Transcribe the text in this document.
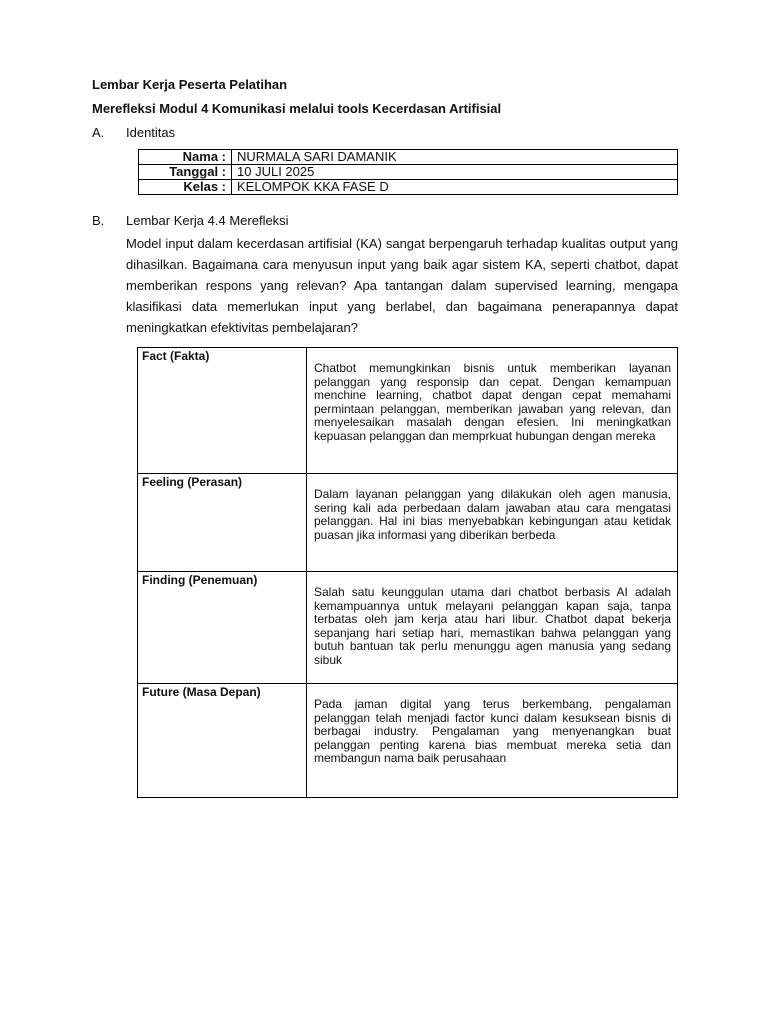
Lembar Kerja Peserta Pelatihan
Merefleksi Modul 4 Komunikasi melalui tools Kecerdasan Artifisial
A. Identitas
Nama :	NURMALA SARI DAMANIK
Tanggal :	10 JULI 2025
Kelas :	KELOMPOK KKA FASE D
B. Lembar Kerja 4.4 Merefleksi

Model input dalam kecerdasan artifisial (KA) sangat berpengaruh terhadap kualitas output yang dihasilkan. Bagaimana cara menyusun input yang baik agar sistem KA, seperti chatbot, dapat memberikan respons yang relevan? Apa tantangan dalam supervised learning, mengapa klasifikasi data memerlukan input yang berlabel, dan bagaimana penerapannya dapat meningkatkan efektivitas pembelajaran?

Fact (Fakta)	Chatbot memungkinkan bisnis untuk memberikan layanan pelanggan yang responsip dan cepat. Dengan kemampuan menchine learning, chatbot dapat dengan cepat memahami permintaan pelanggan, memberikan jawaban yang relevan, dan menyelesaikan masalah dengan efesien. Ini meningkatkan kepuasan pelanggan dan memprkuat hubungan dengan mereka
Feeling (Perasan)	Dalam layanan pelanggan yang dilakukan oleh agen manusia, sering kali ada perbedaan dalam jawaban atau cara mengatasi pelanggan. Hal ini bias menyebabkan kebingungan atau ketidak puasan jika informasi yang diberikan berbeda
Finding (Penemuan)	Salah satu keunggulan utama dari chatbot berbasis AI adalah kemampuannya untuk melayani pelanggan kapan saja, tanpa terbatas oleh jam kerja atau hari libur. Chatbot dapat bekerja sepanjang hari setiap hari, memastikan bahwa pelanggan yang butuh bantuan tak perlu menunggu agen manusia yang sedang sibuk
Future (Masa Depan)	Pada jaman digital yang terus berkembang, pengalaman pelanggan telah menjadi factor kunci dalam kesuksean bisnis di berbagai industry. Pengalaman yang menyenangkan buat pelanggan penting karena bias membuat mereka setia dan membangun nama baik perusahaan
